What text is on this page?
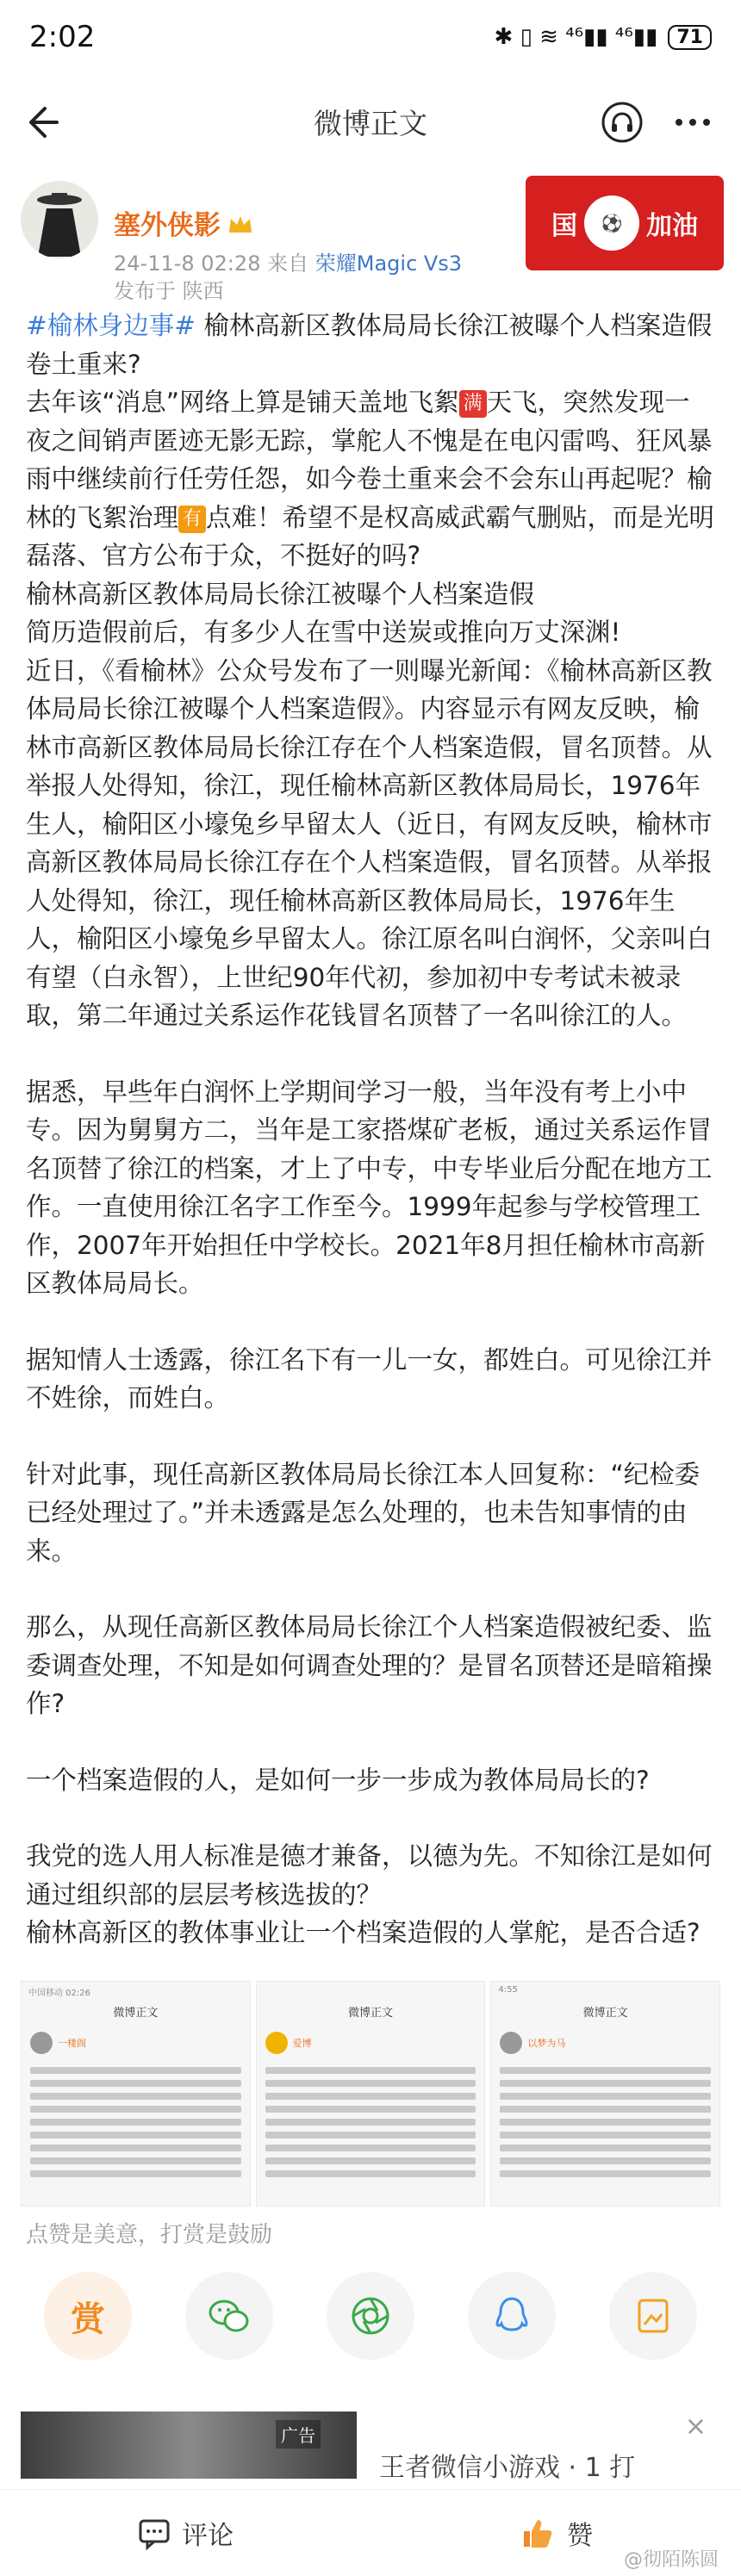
2:02	✱ ▯ ≋ ⁴⁶▮▮ ⁴⁶▮▮	71
微博正文
塞外侠影
24-11-8 02:28 来自 荣耀Magic Vs3
发布于 陕西
国	⚽ 加油

#榆林身边事# 榆林高新区教体局局长徐江被曝个人档案造假卷土重来?

去年该“消息”网络上算是铺天盖地飞絮 满 天飞，突然发现一夜之间销声匿迹无影无踪，掌舵人不愧是在电闪雷鸣、狂风暴雨中继续前行任劳任怨，如今卷土重来会不会东山再起呢？榆林的飞絮治理 有 点难！希望不是权高威武霸气删贴，而是光明磊落、官方公布于众，不挺好的吗?

榆林高新区教体局局长徐江被曝个人档案造假

简历造假前后，有多少人在雪中送炭或推向万丈深渊!

近日，《看榆林》公众号发布了一则曝光新闻：《榆林高新区教体局局长徐江被曝个人档案造假》。内容显示有网友反映，榆林市高新区教体局局长徐江存在个人档案造假，冒名顶替。从举报人处得知，徐江，现任榆林高新区教体局局长，1976年生人，榆阳区小壕兔乡早留太人（近日，有网友反映，榆林市高新区教体局局长徐江存在个人档案造假，冒名顶替。从举报人处得知，徐江，现任榆林高新区教体局局长，1976年生人，榆阳区小壕兔乡早留太人。徐江原名叫白润怀，父亲叫白有望（白永智），上世纪90年代初，参加初中专考试未被录取，第二年通过关系运作花钱冒名顶替了一名叫徐江的人。

据悉，早些年白润怀上学期间学习一般，当年没有考上小中专。因为舅舅方二，当年是工家搭煤矿老板，通过关系运作冒名顶替了徐江的档案，才上了中专，中专毕业后分配在地方工作。一直使用徐江名字工作至今。1999年起参与学校管理工作，2007年开始担任中学校长。2021年8月担任榆林市高新区教体局局长。

据知情人士透露，徐江名下有一儿一女，都姓白。可见徐江并不姓徐，而姓白。

针对此事，现任高新区教体局局长徐江本人回复称：“纪检委已经处理过了。”并未透露是怎么处理的，也未告知事情的由来。

那么，从现任高新区教体局局长徐江个人档案造假被纪委、监委调查处理，不知是如何调查处理的？是冒名顶替还是暗箱操作?

一个档案造假的人，是如何一步一步成为教体局局长的?

我党的选人用人标准是德才兼备，以德为先。不知徐江是如何通过组织部的层层考核选拔的？

榆林高新区的教体事业让一个档案造假的人掌舵，是否合适?

中国移动 02:26
微博正文
一楼阁
微博正文
爱博
4:55
微博正文
以梦为马
点赞是美意，打赏是鼓励
赏
广告
王者微信小游戏 · 1 打
×
评论	赞
@彻陌陈圆
